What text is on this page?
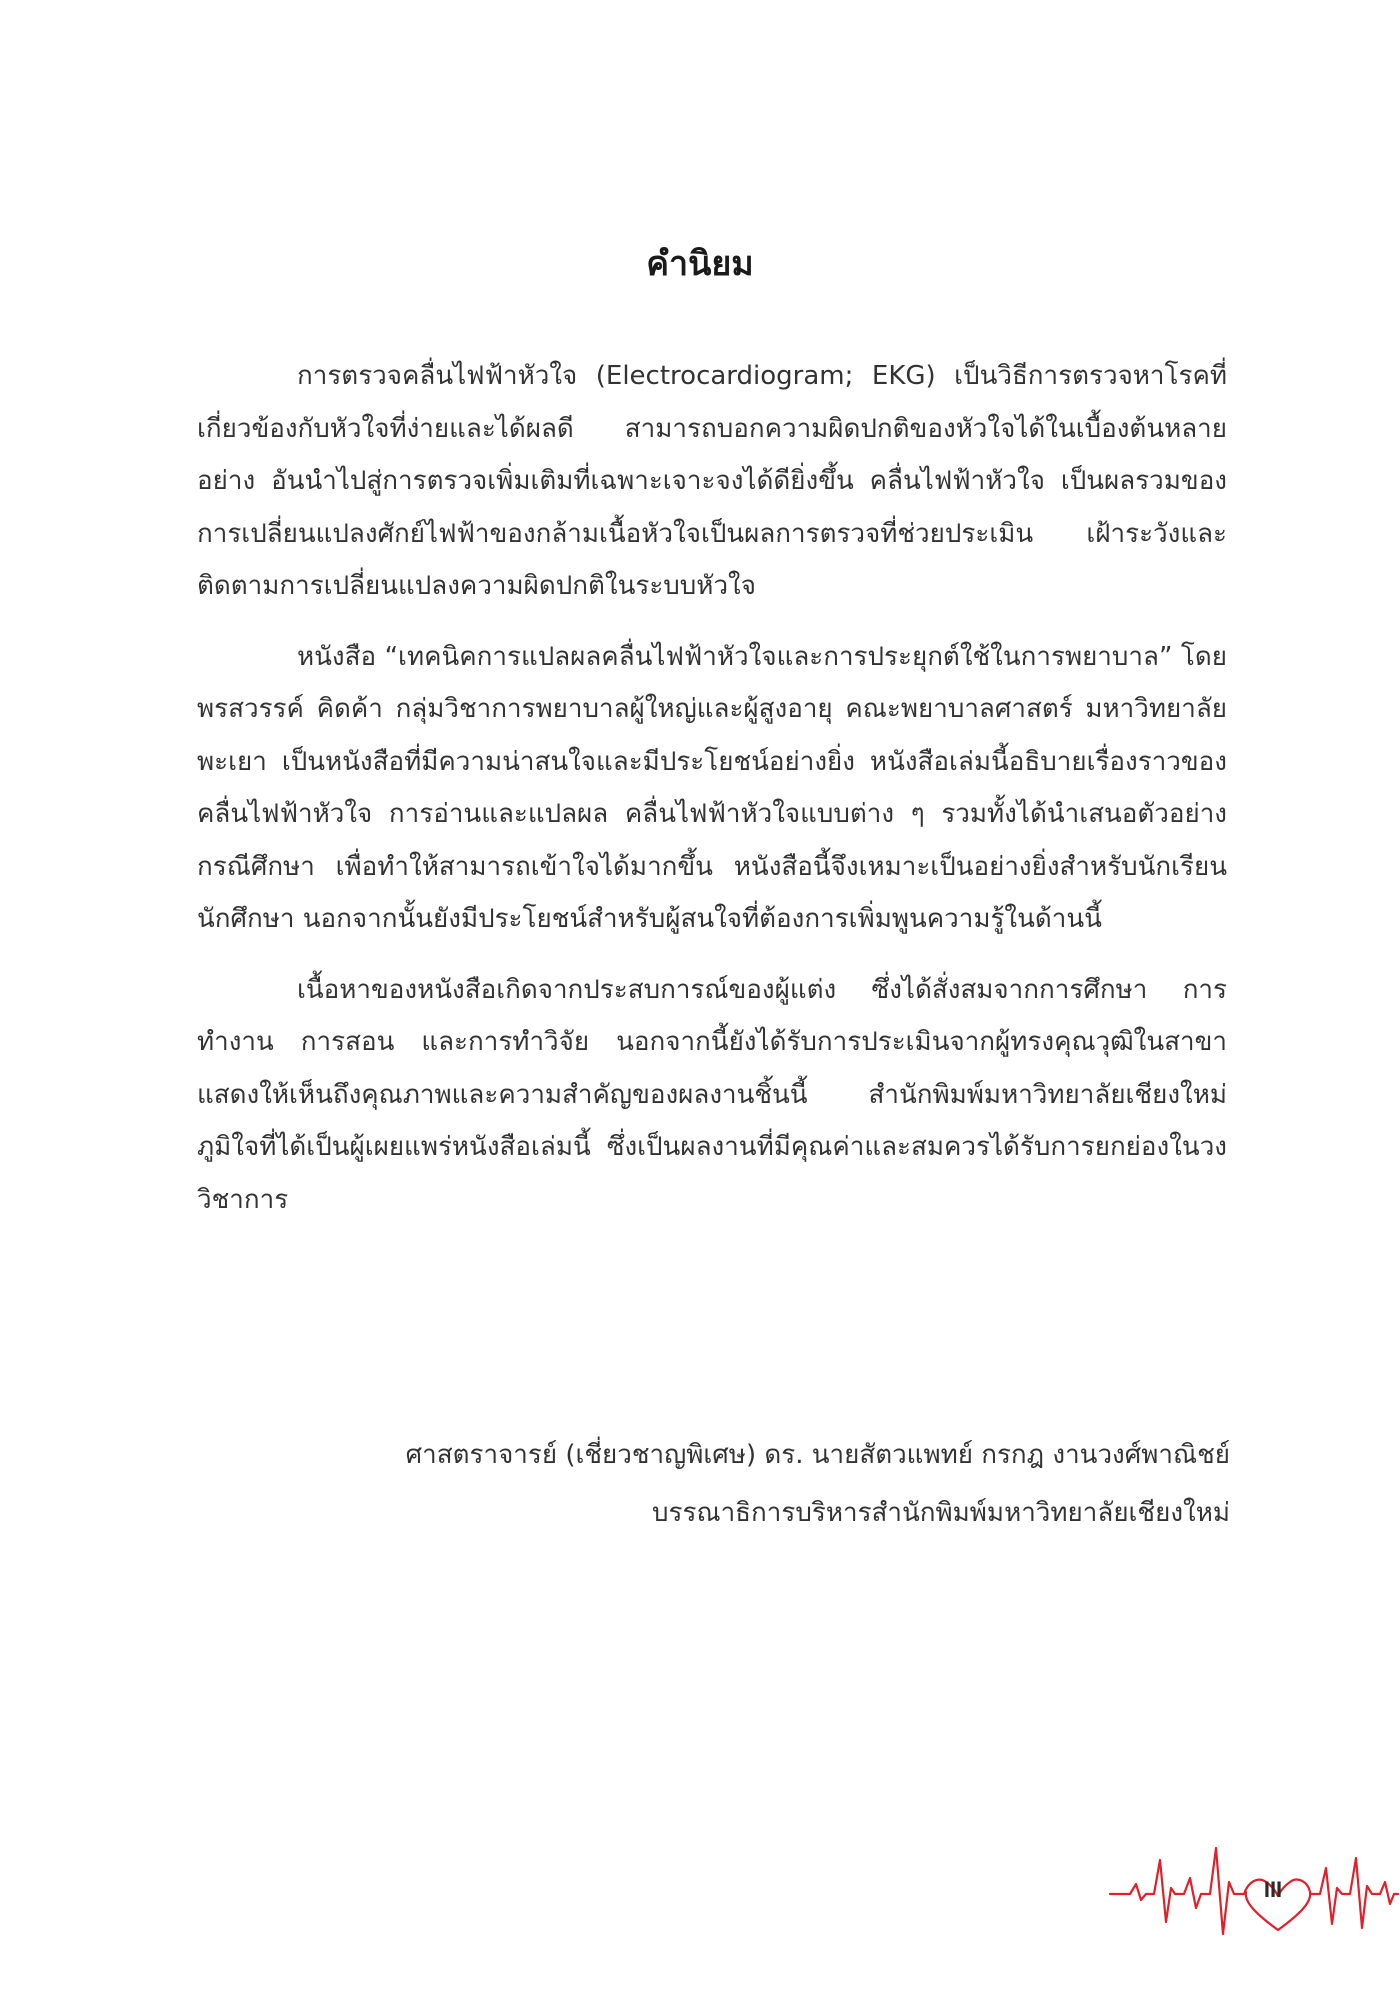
คำนิยม

การตรวจคลื่นไฟฟ้าหัวใจ (Electrocardiogram; EKG) เป็นวิธีการตรวจหาโรคที่เกี่ยวข้องกับหัวใจที่ง่ายและได้ผลดี สามารถบอกความผิดปกติของหัวใจได้ในเบื้องต้นหลายอย่าง อันนำไปสู่การตรวจเพิ่มเติมที่เฉพาะเจาะจงได้ดียิ่งขึ้น คลื่นไฟฟ้าหัวใจ เป็นผลรวมของการเปลี่ยนแปลงศักย์ไฟฟ้าของกล้ามเนื้อหัวใจเป็นผลการตรวจที่ช่วยประเมิน เฝ้าระวังและติดตามการเปลี่ยนแปลงความผิดปกติในระบบหัวใจ

หนังสือ “เทคนิคการแปลผลคลื่นไฟฟ้าหัวใจและการประยุกต์ใช้ในการพยาบาล” โดย พรสวรรค์ คิดค้า กลุ่มวิชาการพยาบาลผู้ใหญ่และผู้สูงอายุ คณะพยาบาลศาสตร์ มหาวิทยาลัยพะเยา เป็นหนังสือที่มีความน่าสนใจและมีประโยชน์อย่างยิ่ง หนังสือเล่มนี้อธิบายเรื่องราวของคลื่นไฟฟ้าหัวใจ การอ่านและแปลผล คลื่นไฟฟ้าหัวใจแบบต่าง ๆ รวมทั้งได้นำเสนอตัวอย่างกรณีศึกษา เพื่อทำให้สามารถเข้าใจได้มากขึ้น หนังสือนี้จึงเหมาะเป็นอย่างยิ่งสำหรับนักเรียน นักศึกษา นอกจากนั้นยังมีประโยชน์สำหรับผู้สนใจที่ต้องการเพิ่มพูนความรู้ในด้านนี้

เนื้อหาของหนังสือเกิดจากประสบการณ์ของผู้แต่ง ซึ่งได้สั่งสมจากการศึกษา การทำงาน การสอน และการทำวิจัย นอกจากนี้ยังได้รับการประเมินจากผู้ทรงคุณวุฒิในสาขา แสดงให้เห็นถึงคุณภาพและความสำคัญของผลงานชิ้นนี้ สำนักพิมพ์มหาวิทยาลัยเชียงใหม่ภูมิใจที่ได้เป็นผู้เผยแพร่หนังสือเล่มนี้ ซึ่งเป็นผลงานที่มีคุณค่าและสมควรได้รับการยกย่องในวงวิชาการ

ศาสตราจารย์ (เชี่ยวชาญพิเศษ) ดร. นายสัตวแพทย์ กรกฎ งานวงศ์พาณิชย์
บรรณาธิการบริหารสำนักพิมพ์มหาวิทยาลัยเชียงใหม่
III
